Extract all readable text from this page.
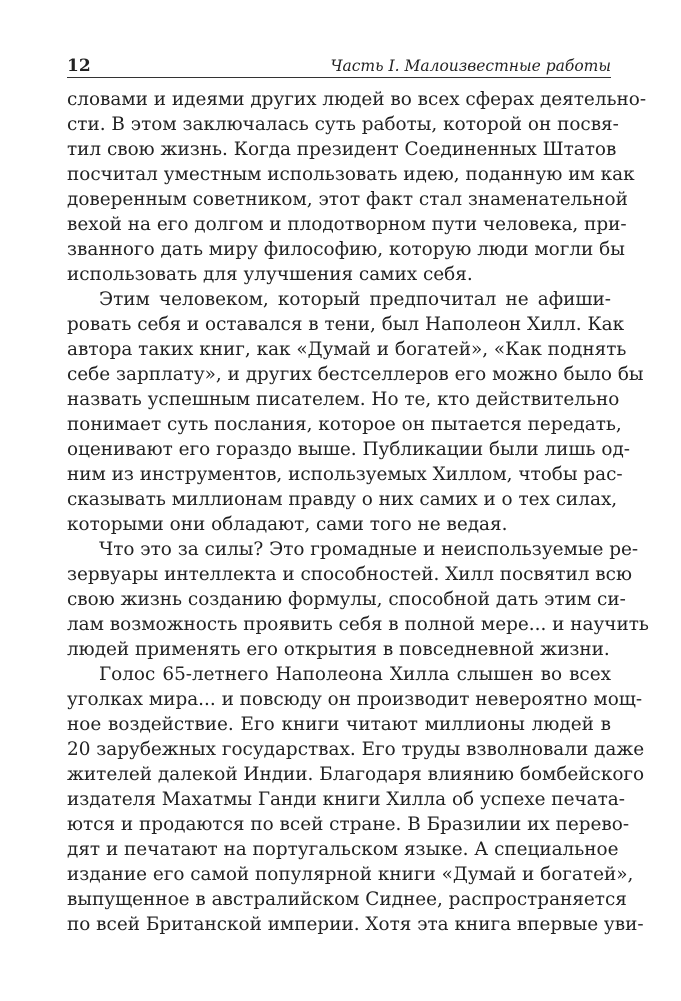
12	Часть I. Малоизвестные работы
словами и идеями других людей во всех сферах деятельно-
сти. В этом заключалась суть работы, которой он посвя-
тил свою жизнь. Когда президент Соединенных Штатов
посчитал уместным использовать идею, поданную им как
доверенным советником, этот факт стал знаменательной
вехой на его долгом и плодотворном пути человека, при-
званного дать миру философию, которую люди могли бы
использовать для улучшения самих себя.
Этим человеком, который предпочитал не афиши-
ровать себя и оставался в тени, был Наполеон Хилл. Как
автора таких книг, как «Думай и богатей», «Как поднять
себе зарплату», и других бестселлеров его можно было бы
назвать успешным писателем. Но те, кто действительно
понимает суть послания, которое он пытается передать,
оценивают его гораздо выше. Публикации были лишь од-
ним из инструментов, используемых Хиллом, чтобы рас-
сказывать миллионам правду о них самих и о тех силах,
которыми они обладают, сами того не ведая.
Что это за силы? Это громадные и неиспользуемые ре-
зервуары интеллекта и способностей. Хилл посвятил всю
свою жизнь созданию формулы, способной дать этим си-
лам возможность проявить себя в полной мере... и научить
людей применять его открытия в повседневной жизни.
Голос 65-летнего Наполеона Хилла слышен во всех
уголках мира... и повсюду он производит невероятно мощ-
ное воздействие. Его книги читают миллионы людей в
20 зарубежных государствах. Его труды взволновали даже
жителей далекой Индии. Благодаря влиянию бомбейского
издателя Махатмы Ганди книги Хилла об успехе печата-
ются и продаются по всей стране. В Бразилии их перево-
дят и печатают на португальском языке. А специальное
издание его самой популярной книги «Думай и богатей»,
выпущенное в австралийском Сиднее, распространяется
по всей Британской империи. Хотя эта книга впервые уви-
